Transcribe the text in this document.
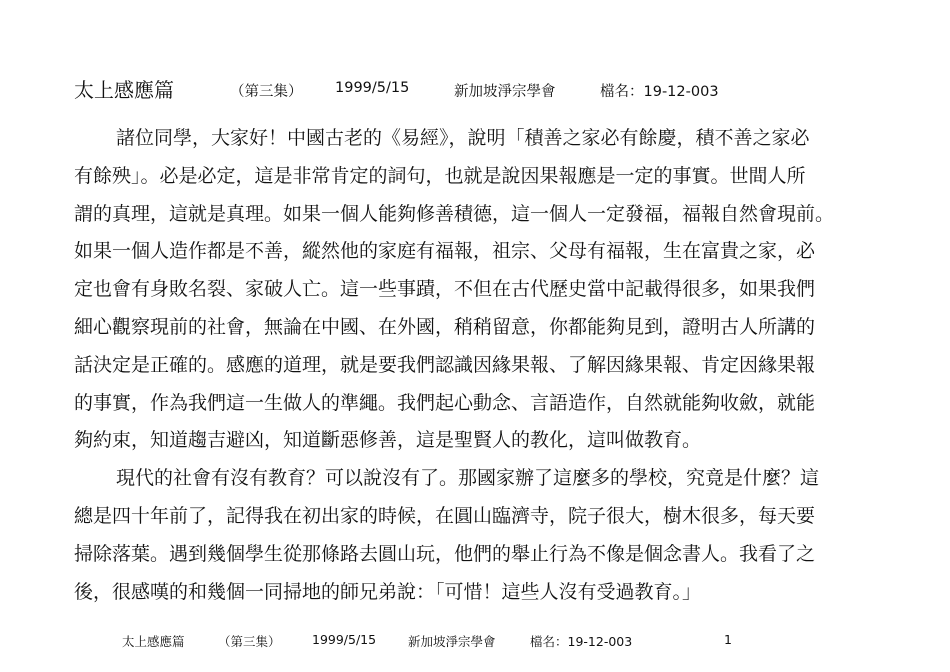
太上感應篇	（第三集） 1999/5/15	新加坡淨宗學會	檔名：19-12-003
諸位同學，大家好！中國古老的《易經》，說明「積善之家必有餘慶，積不善之家必
有餘殃」。必是必定，這是非常肯定的詞句，也就是說因果報應是一定的事實。世間人所
謂的真理，這就是真理。如果一個人能夠修善積德，這一個人一定發福，福報自然會現前。
如果一個人造作都是不善，縱然他的家庭有福報，祖宗、父母有福報，生在富貴之家，必
定也會有身敗名裂、家破人亡。這一些事蹟，不但在古代歷史當中記載得很多，如果我們
細心觀察現前的社會，無論在中國、在外國，稍稍留意，你都能夠見到，證明古人所講的
話決定是正確的。感應的道理，就是要我們認識因緣果報、了解因緣果報、肯定因緣果報
的事實，作為我們這一生做人的準繩。我們起心動念、言語造作，自然就能夠收斂，就能
夠約束，知道趨吉避凶，知道斷惡修善，這是聖賢人的教化，這叫做教育。
現代的社會有沒有教育？可以說沒有了。那國家辦了這麼多的學校，究竟是什麼？這
總是四十年前了，記得我在初出家的時候，在圓山臨濟寺，院子很大，樹木很多，每天要
掃除落葉。遇到幾個學生從那條路去圓山玩，他們的舉止行為不像是個念書人。我看了之
後，很感嘆的和幾個一同掃地的師兄弟說：「可惜！這些人沒有受過教育。」
太上感應篇	（第三集）	1999/5/15	新加坡淨宗學會	檔名：19-12-003	1
